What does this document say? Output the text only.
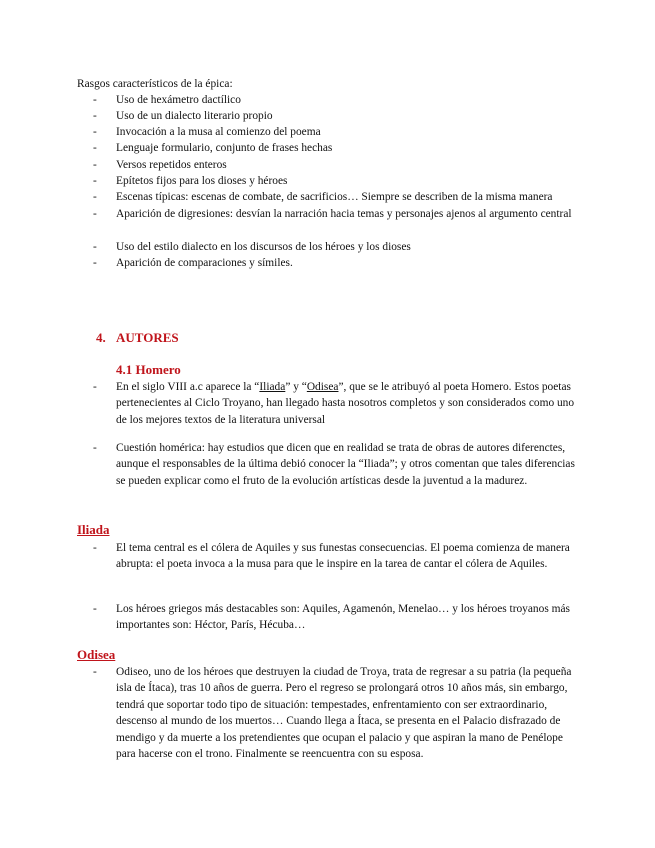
Rasgos característicos de la épica:

- Uso de hexámetro dactílico
- Uso de un dialecto literario propio
- Invocación a la musa al comienzo del poema
- Lenguaje formulario, conjunto de frases hechas
- Versos repetidos enteros
- Epítetos fijos para los dioses y héroes
- Escenas típicas: escenas de combate, de sacrificios… Siempre se describen de la misma manera
- Aparición de digresiones: desvían la narración hacia temas y personajes ajenos al argumento central
- Uso del estilo dialecto en los discursos de los héroes y los dioses
- Aparición de comparaciones y símiles.
4. AUTORES
4.1 Homero
- En el siglo VIII a.c aparece la “Iliada” y “Odisea”, que se le atribuyó al poeta Homero. Estos poetas pertenecientes al Ciclo Troyano, han llegado hasta nosotros completos y son considerados como uno de los mejores textos de la literatura universal
- Cuestión homérica: hay estudios que dicen que en realidad se trata de obras de autores diferenctes, aunque el responsables de la última debió conocer la “Iliada”; y otros comentan que tales diferencias se pueden explicar como el fruto de la evolución artísticas desde la juventud a la madurez.
Iliada
- El tema central es el cólera de Aquiles y sus funestas consecuencias. El poema comienza de manera abrupta: el poeta invoca a la musa para que le inspire en la tarea de cantar el cólera de Aquiles.
- Los héroes griegos más destacables son: Aquiles, Agamenón, Menelao… y los héroes troyanos más importantes son: Héctor, París, Hécuba…
Odisea
- Odiseo, uno de los héroes que destruyen la ciudad de Troya, trata de regresar a su patria (la pequeña isla de Ítaca), tras 10 años de guerra. Pero el regreso se prolongará otros 10 años más, sin embargo, tendrá que soportar todo tipo de situación: tempestades, enfrentamiento con ser extraordinario, descenso al mundo de los muertos… Cuando llega a Ítaca, se presenta en el Palacio disfrazado de mendigo y da muerte a los pretendientes que ocupan el palacio y que aspiran la mano de Penélope para hacerse con el trono. Finalmente se reencuentra con su esposa.
